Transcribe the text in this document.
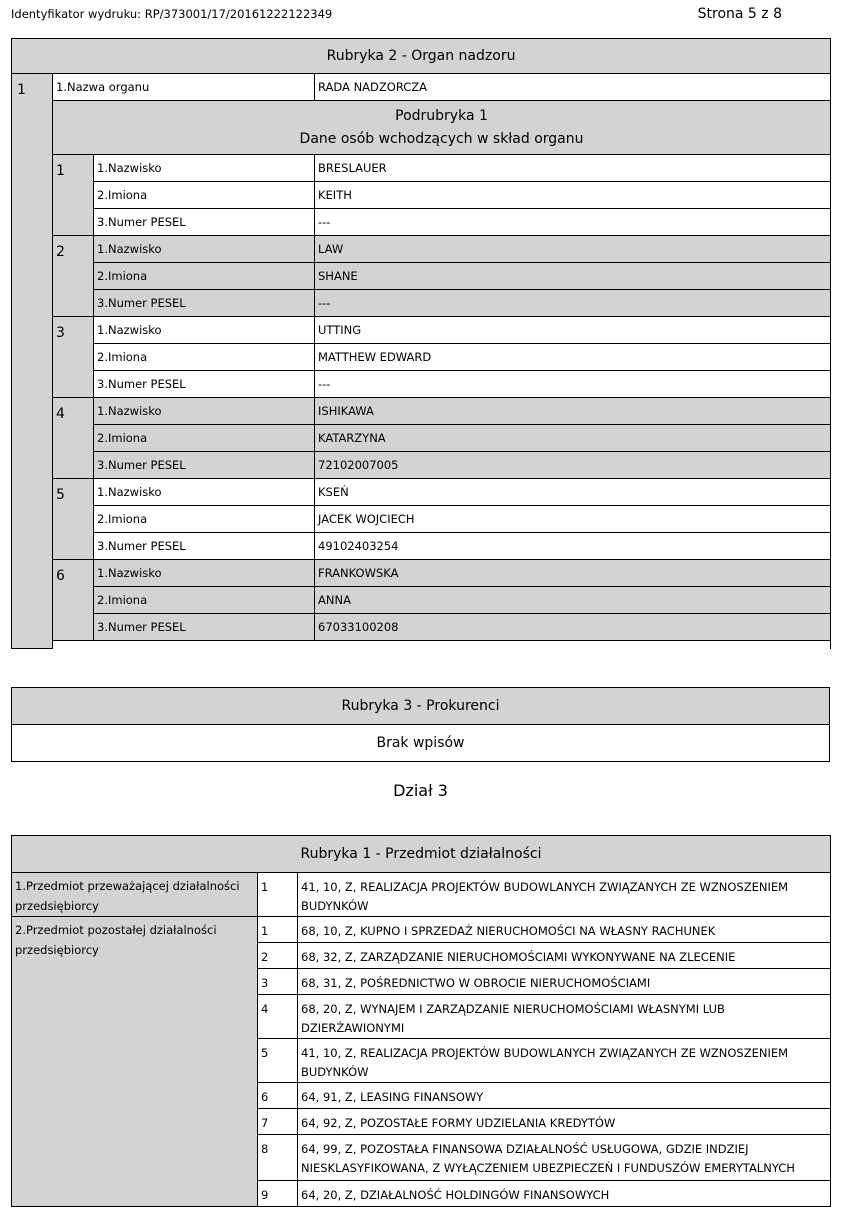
Identyfikator wydruku: RP/373001/17/20161222122349	Strona 5 z 8
Rubryka 2 - Organ nadzoru			
1	1.Nazwa organu		RADA NADZORCZA

	Podrubryka 1
Dane osób wchodzących w skład organu		

	1	1.Nazwisko	BRESLAUER
		2.Imiona	KEITH
		3.Numer PESEL	---
	2	1.Nazwisko	LAW
		2.Imiona	SHANE
		3.Numer PESEL	---
	3	1.Nazwisko	UTTING
		2.Imiona	MATTHEW EDWARD
		3.Numer PESEL	---
	4	1.Nazwisko	ISHIKAWA
		2.Imiona	KATARZYNA
		3.Numer PESEL	72102007005
	5	1.Nazwisko	KSEŃ
		2.Imiona	JACEK WOJCIECH
		3.Numer PESEL	49102403254
	6	1.Nazwisko	FRANKOWSKA
		2.Imiona	ANNA
		3.Numer PESEL	67033100208

Rubryka 3 - Prokurenci
Brak wpisów
Dział 3
Rubryka 1 - Przedmiot działalności		
1.Przedmiot przeważającej działalności przedsiębiorcy	1	41, 10, Z, REALIZACJA PROJEKTÓW BUDOWLANYCH ZWIĄZANYCH ZE WZNOSZENIEM BUDYNKÓW
2.Przedmiot pozostałej działalności przedsiębiorcy	1	68, 10, Z, KUPNO I SPRZEDAŻ NIERUCHOMOŚCI NA WŁASNY RACHUNEK
	2	68, 32, Z, ZARZĄDZANIE NIERUCHOMOŚCIAMI WYKONYWANE NA ZLECENIE
	3	68, 31, Z, POŚREDNICTWO W OBROCIE NIERUCHOMOŚCIAMI
	4	68, 20, Z, WYNAJEM I ZARZĄDZANIE NIERUCHOMOŚCIAMI WŁASNYMI LUB DZIERŻAWIONYMI
	5	41, 10, Z, REALIZACJA PROJEKTÓW BUDOWLANYCH ZWIĄZANYCH ZE WZNOSZENIEM BUDYNKÓW
	6	64, 91, Z, LEASING FINANSOWY
	7	64, 92, Z, POZOSTAŁE FORMY UDZIELANIA KREDYTÓW
	8	64, 99, Z, POZOSTAŁA FINANSOWA DZIAŁALNOŚĆ USŁUGOWA, GDZIE INDZIEJ NIESKLASYFIKOWANA, Z WYŁĄCZENIEM UBEZPIECZEŃ I FUNDUSZÓW EMERYTALNYCH
	9	64, 20, Z, DZIAŁALNOŚĆ HOLDINGÓW FINANSOWYCH
